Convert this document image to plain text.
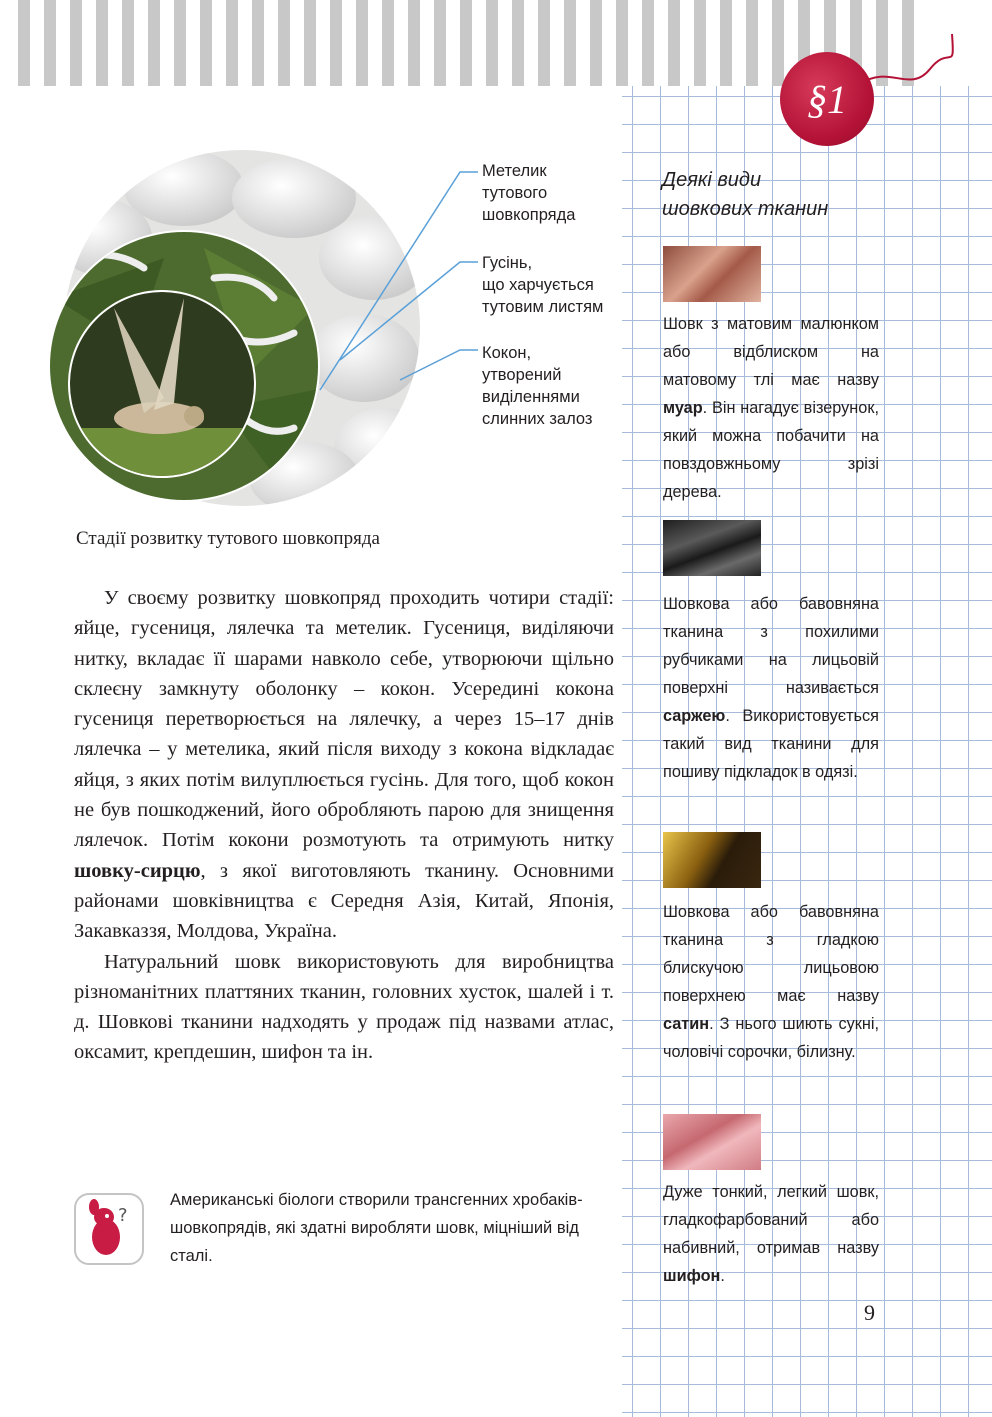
§1
Метелик
тутового
шовкопряда
Гусінь,
що харчується
тутовим листям
Кокон,
утворений
виділеннями
слинних залоз
Стадії розвитку тутового шовкопряда

У своєму розвитку шовкопряд проходить чотири стадії: яйце, гусениця, лялечка та метелик. Гусениця, виділяючи нитку, вкладає її шарами навколо себе, утворюючи щільно склеєну замкнуту оболонку – кокон. Усередині кокона гусениця перетворюється на лялечку, а через 15–17 днів лялечка – у метелика, який після виходу з кокона відкладає яйця, з яких потім вилуплюється гусінь. Для того, щоб кокон не був пошкоджений, його обробляють парою для знищення лялечок. Потім кокони розмотують та отримують нитку шовку-сирцю, з якої виготовляють тканину. Основними районами шовківництва є Середня Азія, Китай, Японія, Закавказзя, Молдова, Україна.

Натуральний шовк використовують для виробництва різноманітних платтяних тканин, головних хусток, шалей і т. д. Шовкові тканини надходять у продаж під назвами атлас, оксамит, крепдешин, шифон та ін.

?
Американські біологи створили трансгенних хробаків-шовкопрядів, які здатні виробляти шовк, міцніший від сталі.
Деякі види
шовкових тканин
Шовк з матовим малюнком або відблиском на матовому тлі має назву муар. Він нагадує візерунок, який можна побачити на повздовжньому зрізі дерева.
Шовкова або бавовняна тканина з похилими рубчиками на лицьовій поверхні називається саржею. Використовується такий вид тканини для пошиву підкладок в одязі.
Шовкова або бавовняна тканина з гладкою блискучою лицьовою поверхнею має назву сатин. З нього шиють сукні, чоловічі сорочки, білизну.
Дуже тонкий, легкий шовк, гладкофарбований або набивний, отримав назву шифон.
9
